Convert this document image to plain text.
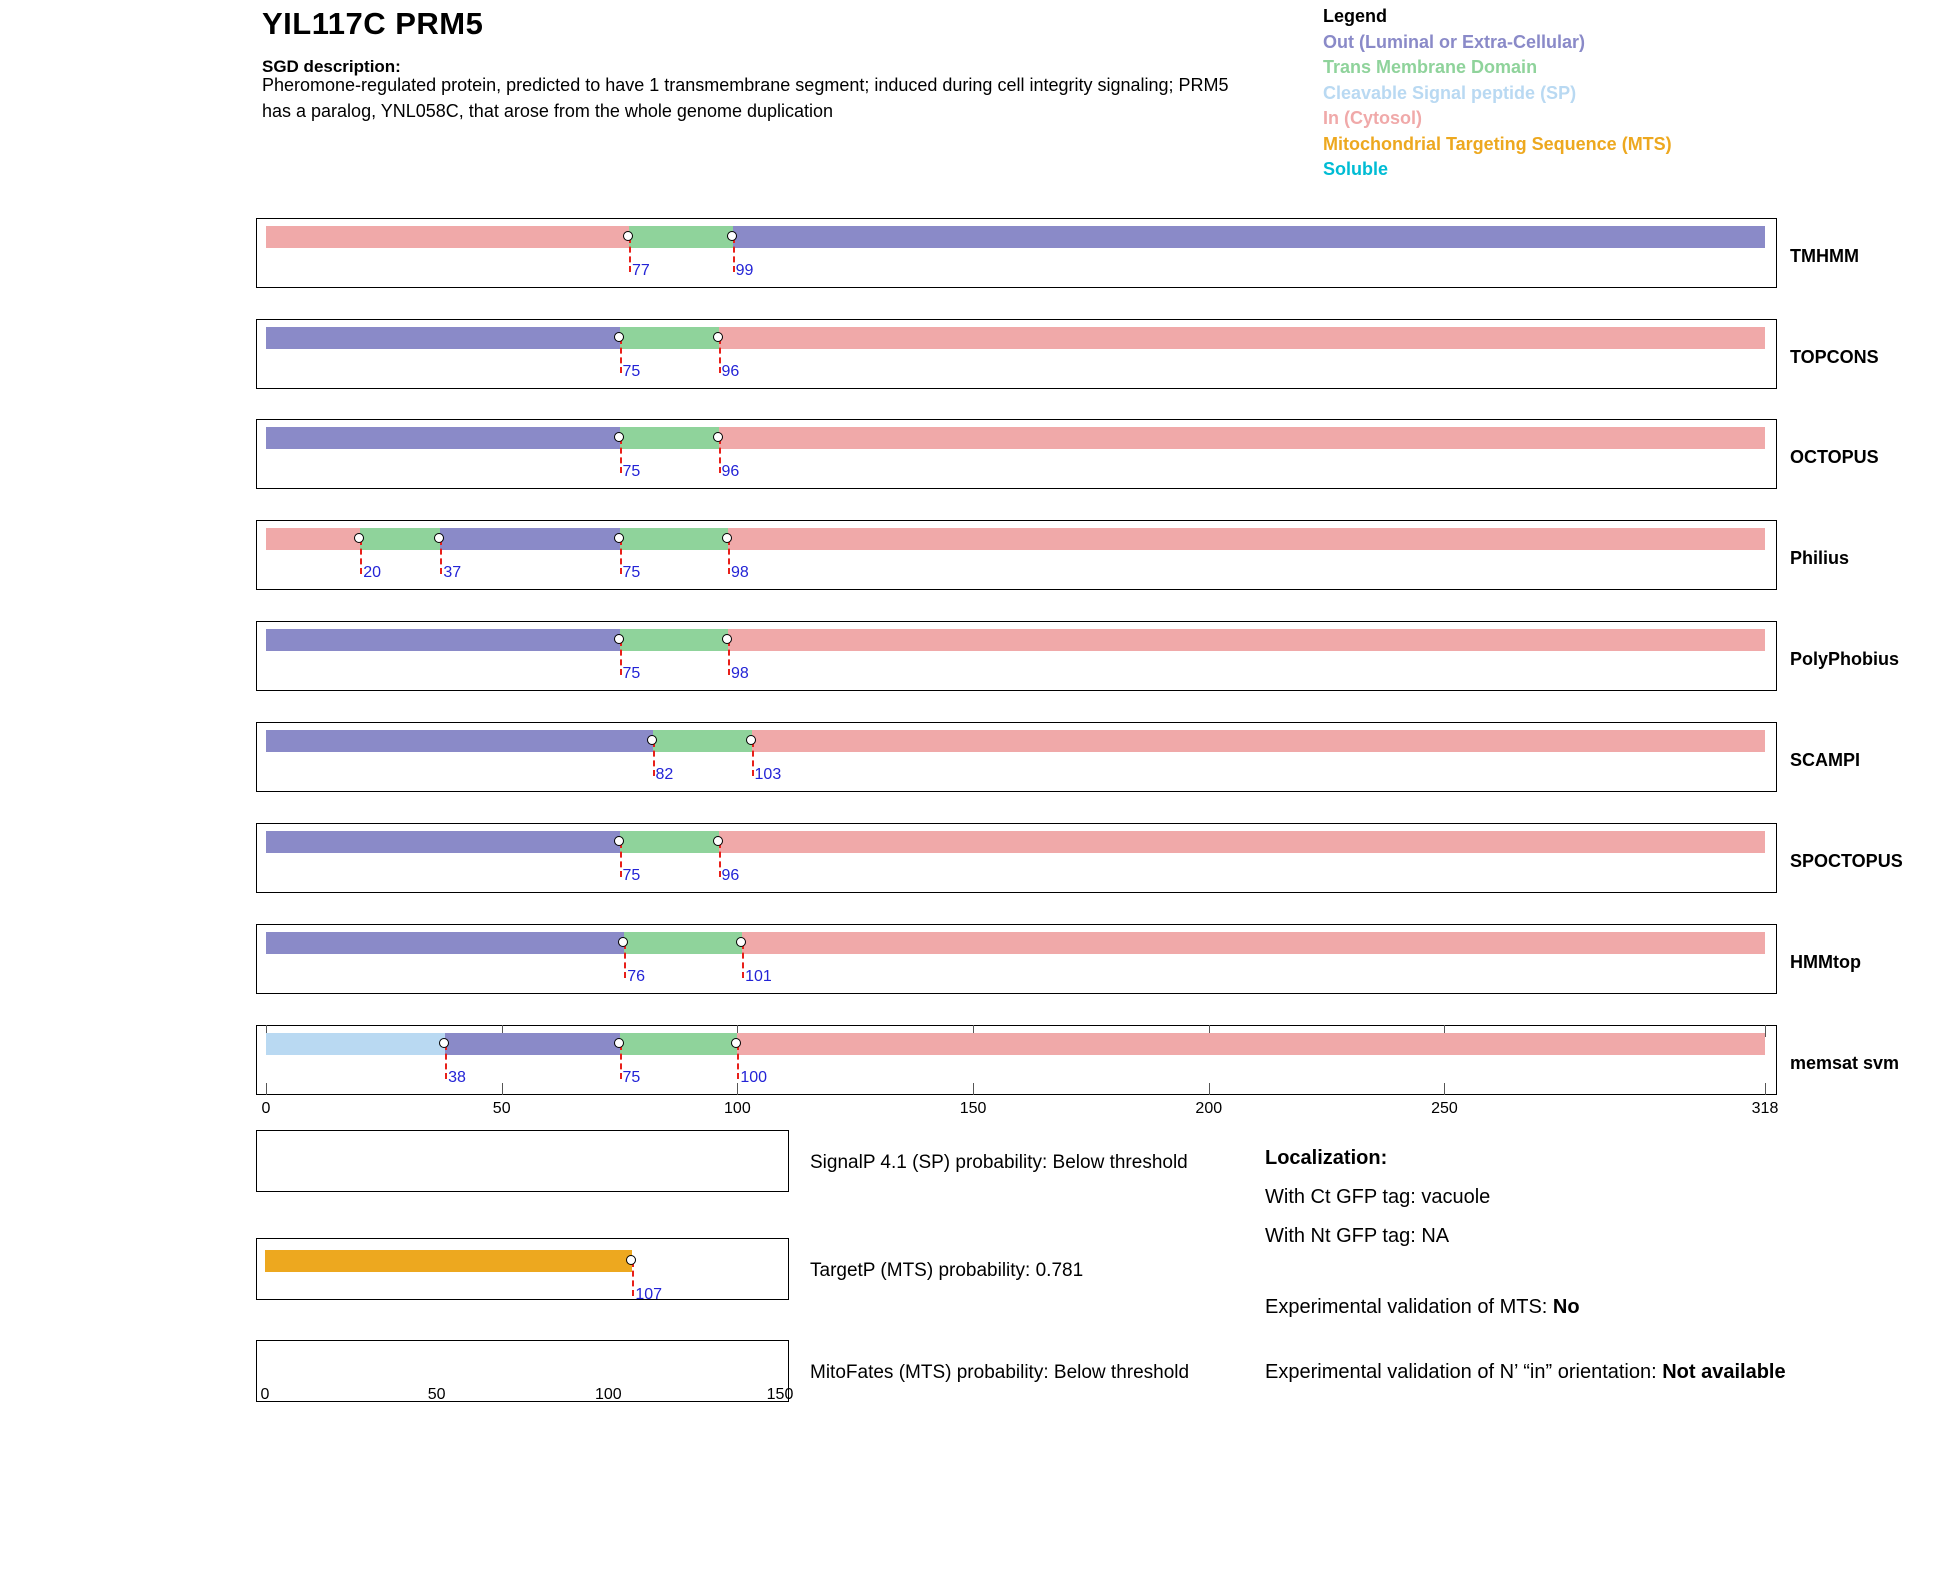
YIL117C PRM5
SGD description:
Pheromone-regulated protein, predicted to have 1 transmembrane segment; induced during cell integrity signaling; PRM5 has a paralog, YNL058C, that arose from the whole genome duplication
Legend
Out (Luminal or Extra-Cellular)
Trans Membrane Domain
Cleavable Signal peptide (SP)
In (Cytosol)
Mitochondrial Targeting Sequence (MTS)
Soluble
77	99
75	96
75	96
20	37	75	98
75	98
82	103
75	96
76	101
38	75	100
0	50	100	150	200	250	318
107
0	50	100	150
Localization:
With Ct GFP tag: vacuole
With Nt GFP tag: NA
Experimental validation of MTS: No
Experimental validation of N’ “in” orientation: Not available
TMHMM
TOPCONS
OCTOPUS
Philius
PolyPhobius
SCAMPI
SPOCTOPUS
HMMtop
memsat svm
SignalP 4.1 (SP) probability: Below threshold
TargetP (MTS) probability: 0.781
MitoFates (MTS) probability: Below threshold
